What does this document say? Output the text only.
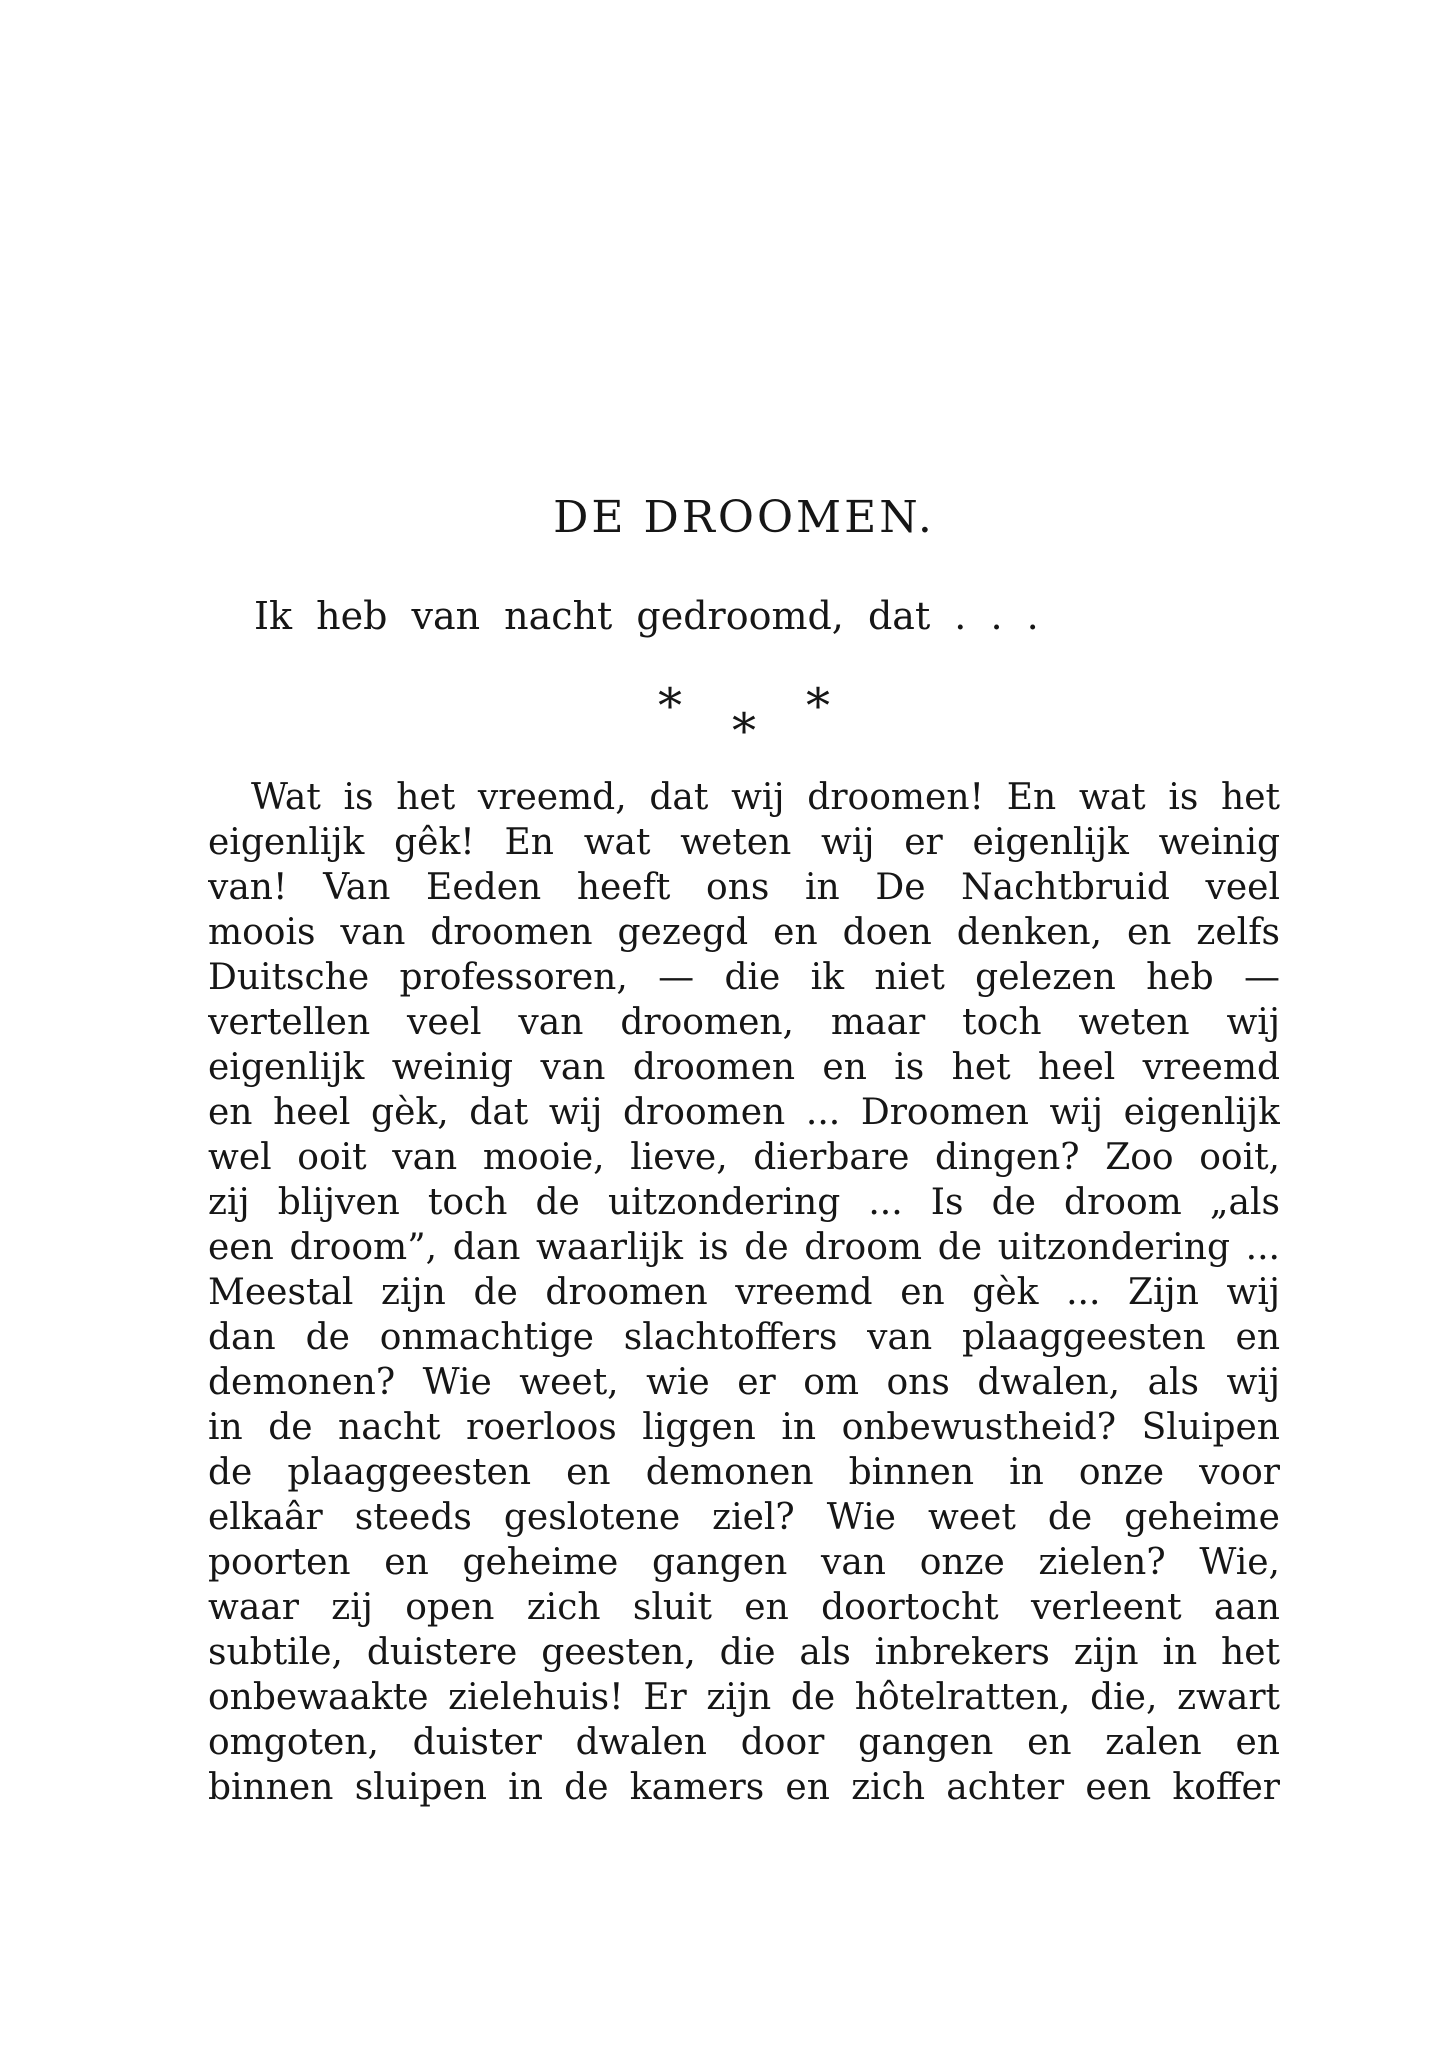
DE DROOMEN.
Ik heb van nacht gedroomd, dat . . .
* * *
Wat is het vreemd, dat wij droomen! En wat is het
eigenlijk gêk! En wat weten wij er eigenlijk weinig
van! Van Eeden heeft ons in De Nachtbruid veel
moois van droomen gezegd en doen denken, en zelfs
Duitsche professoren, — die ik niet gelezen heb —
vertellen veel van droomen, maar toch weten wij
eigenlijk weinig van droomen en is het heel vreemd
en heel gèk, dat wij droomen ... Droomen wij eigenlijk
wel ooit van mooie, lieve, dierbare dingen? Zoo ooit,
zij blijven toch de uitzondering ... Is de droom „als
een droom”, dan waarlijk is de droom de uitzondering ...
Meestal zijn de droomen vreemd en gèk ... Zijn wij
dan de onmachtige slachtoffers van plaaggeesten en
demonen? Wie weet, wie er om ons dwalen, als wij
in de nacht roerloos liggen in onbewustheid? Sluipen
de plaaggeesten en demonen binnen in onze voor
elkaâr steeds geslotene ziel? Wie weet de geheime
poorten en geheime gangen van onze zielen? Wie,
waar zij open zich sluit en doortocht verleent aan
subtile, duistere geesten, die als inbrekers zijn in het
onbewaakte zielehuis! Er zijn de hôtelratten, die, zwart
omgoten, duister dwalen door gangen en zalen en
binnen sluipen in de kamers en zich achter een koffer
